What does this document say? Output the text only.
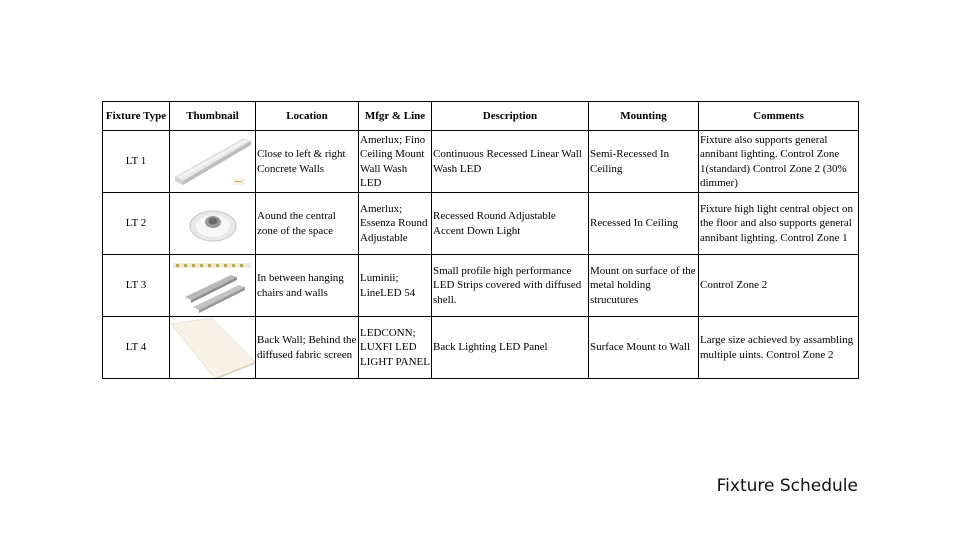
Fixture Type	Thumbnail	Location	Mfgr & Line	Description	Mounting	Comments
LT 1		Close to left & right Concrete Walls	Amerlux; Fino Ceiling Mount Wall Wash LED	Continuous Recessed Linear Wall Wash LED	Semi-Recessed In Ceiling	Fixture also supports general annibant lighting. Control Zone 1(standard) Control Zone 2 (30% dimmer)
LT 2		Aound the central zone of the space	Amerlux; Essenza Round Adjustable	Recessed Round Adjustable Accent Down Light	Recessed In Ceiling	Fixture high light central object on the floor and also supports general annibant lighting. Control Zone 1
LT 3		In between hanging chairs and walls	Luminii; LineLED 54	Small profile high performance LED Strips covered with diffused shell.	Mount on surface of the metal holding strucutures	Control Zone 2
LT 4		Back Wall; Behind the diffused fabric screen	LEDCONN; LUXFI LED LIGHT PANEL	Back Lighting LED Panel	Surface Mount to Wall	Large size achieved by assambling multiple uints. Control Zone 2
Fixture Schedule
